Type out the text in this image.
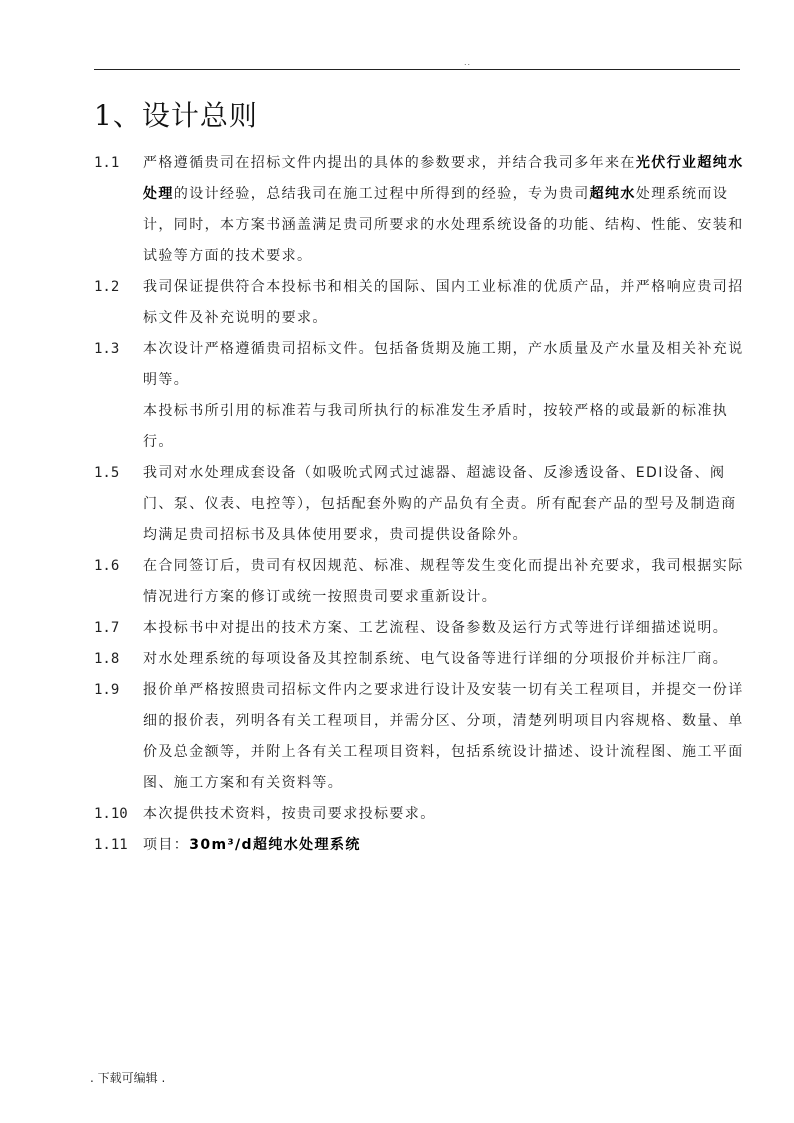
..
1、设计总则
1.1 严格遵循贵司在招标文件内提出的具体的参数要求，并结合我司多年来在光伏行业超纯水处理的设计经验，总结我司在施工过程中所得到的经验，专为贵司超纯水处理系统而设计，同时，本方案书涵盖满足贵司所要求的水处理系统设备的功能、结构、性能、安装和试验等方面的技术要求。
1.2 我司保证提供符合本投标书和相关的国际、国内工业标准的优质产品，并严格响应贵司招标文件及补充说明的要求。
1.3 本次设计严格遵循贵司招标文件。包括备货期及施工期，产水质量及产水量及相关补充说明等。
本投标书所引用的标准若与我司所执行的标准发生矛盾时，按较严格的或最新的标准执行。
1.5 我司对水处理成套设备（如吸吮式网式过滤器、超滤设备、反渗透设备、EDI设备、阀门、泵、仪表、电控等），包括配套外购的产品负有全责。所有配套产品的型号及制造商均满足贵司招标书及具体使用要求，贵司提供设备除外。
1.6 在合同签订后，贵司有权因规范、标准、规程等发生变化而提出补充要求，我司根据实际情况进行方案的修订或统一按照贵司要求重新设计。
1.7 本投标书中对提出的技术方案、工艺流程、设备参数及运行方式等进行详细描述说明。
1.8 对水处理系统的每项设备及其控制系统、电气设备等进行详细的分项报价并标注厂商。
1.9 报价单严格按照贵司招标文件内之要求进行设计及安装一切有关工程项目，并提交一份详细的报价表，列明各有关工程项目，并需分区、分项，清楚列明项目内容规格、数量、单价及总金额等，并附上各有关工程项目资料，包括系统设计描述、设计流程图、施工平面图、施工方案和有关资料等。
1.10 本次提供技术资料，按贵司要求投标要求。
1.11 项目：30m³/d超纯水处理系统
. 下载可编辑 .
